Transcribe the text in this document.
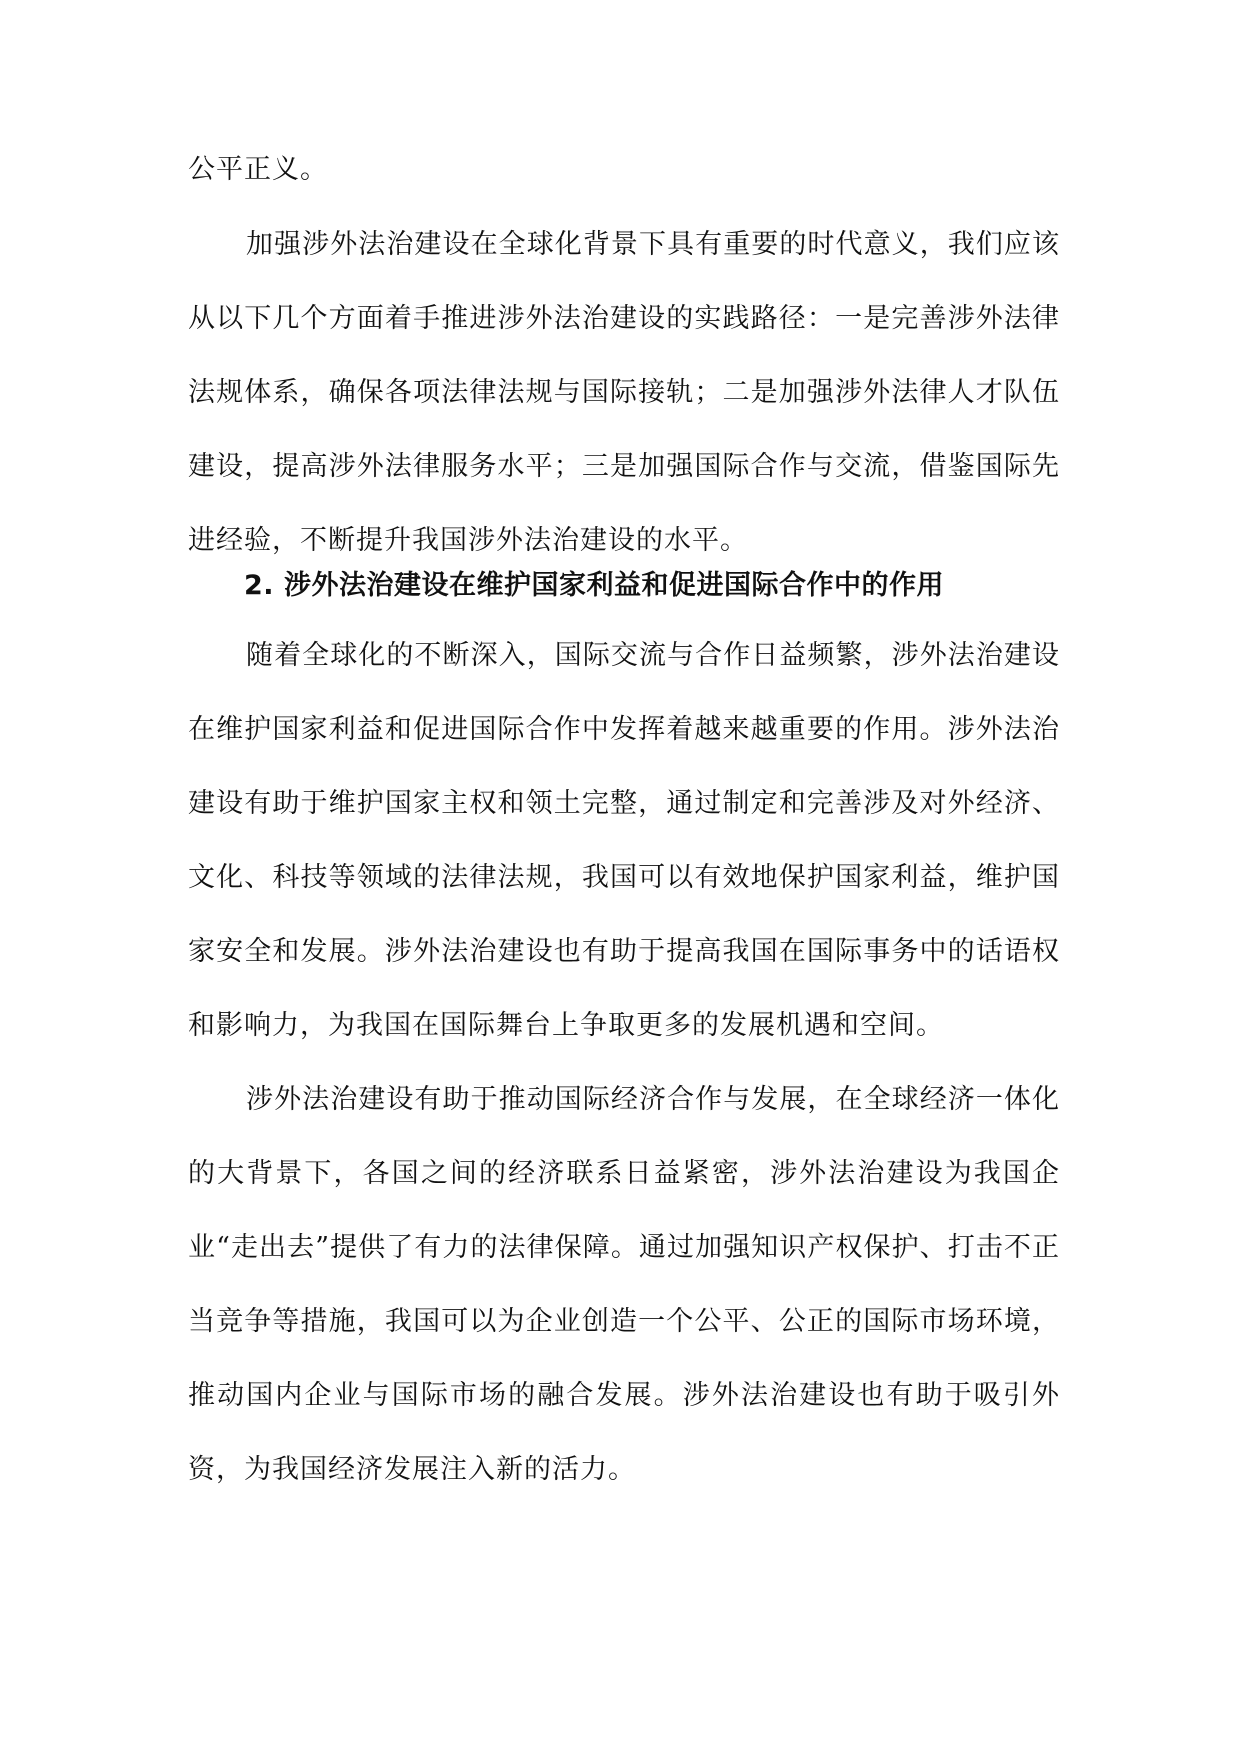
公平正义。

加强涉外法治建设在全球化背景下具有重要的时代意义，我们应该从以下几个方面着手推进涉外法治建设的实践路径：一是完善涉外法律法规体系，确保各项法律法规与国际接轨；二是加强涉外法律人才队伍建设，提高涉外法律服务水平；三是加强国际合作与交流，借鉴国际先进经验，不断提升我国涉外法治建设的水平。

2. 涉外法治建设在维护国家利益和促进国际合作中的作用

随着全球化的不断深入，国际交流与合作日益频繁，涉外法治建设在维护国家利益和促进国际合作中发挥着越来越重要的作用。涉外法治建设有助于维护国家主权和领土完整，通过制定和完善涉及对外经济、文化、科技等领域的法律法规，我国可以有效地保护国家利益，维护国家安全和发展。涉外法治建设也有助于提高我国在国际事务中的话语权和影响力，为我国在国际舞台上争取更多的发展机遇和空间。

涉外法治建设有助于推动国际经济合作与发展，在全球经济一体化的大背景下，各国之间的经济联系日益紧密，涉外法治建设为我国企业“走出去”提供了有力的法律保障。通过加强知识产权保护、打击不正当竞争等措施，我国可以为企业创造一个公平、公正的国际市场环境，推动国内企业与国际市场的融合发展。涉外法治建设也有助于吸引外资，为我国经济发展注入新的活力。
